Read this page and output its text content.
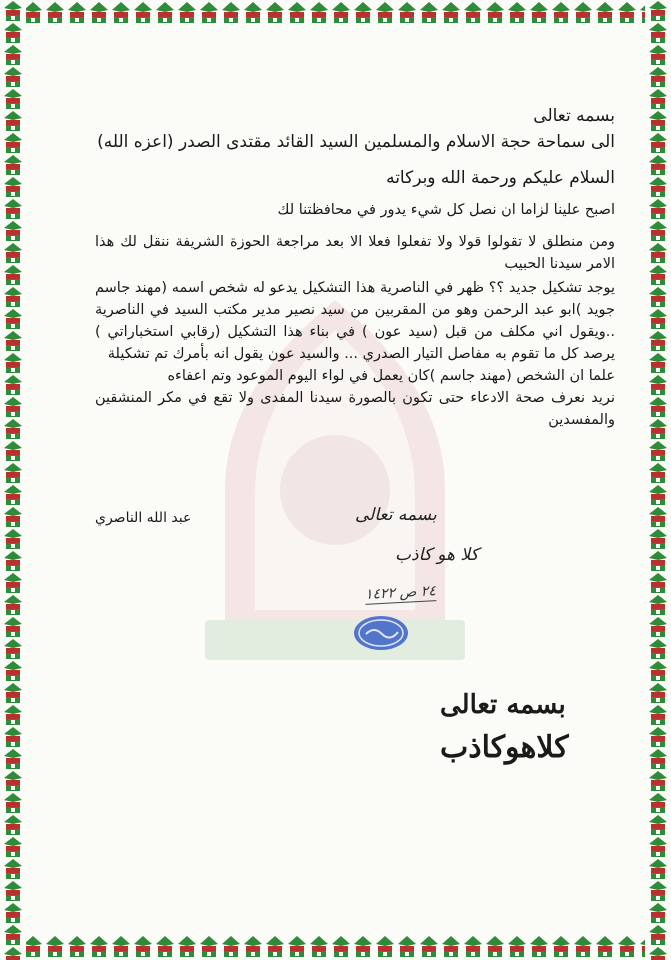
بسمه تعالى
الى سماحة حجة الاسلام والمسلمين السيد القائد مقتدى الصدر (اعزه الله)
السلام عليكم ورحمة الله وبركاته
اصبح علينا لزاما ان نصل كل شيء يدور في محافظتنا لك
ومن منطلق لا تقولوا قولا ولا تفعلوا فعلا الا بعد مراجعة الحوزة الشريفة ننقل لك هذا الامر سيدنا الحبيب
يوجد تشكيل جديد ؟؟ ظهر في الناصرية هذا التشكيل يدعو له شخص اسمه (مهند جاسم جويد )ابو عبد الرحمن وهو من المقربين من سيد نصير مدير مكتب السيد في الناصرية ..ويقول اني مكلف من قبل (سيد عون ) في بناء هذا التشكيل (رقابي استخباراتي ) يرصد كل ما تقوم به مفاصل التيار الصدري ... والسيد عون يقول انه بأمرك تم تشكيلة
علما ان الشخص (مهند جاسم )كان يعمل في لواء اليوم الموعود وتم اعفاءه
نريد نعرف صحة الادعاء حتى تكون بالصورة سيدنا المفدى ولا تقع في مكر المنشقين والمفسدين
عبد الله الناصري	بسمه تعالى
كلا هو كاذب
٢٤ ص ١٤٢٢
بسمه تعالى
كلاهوكاذب
